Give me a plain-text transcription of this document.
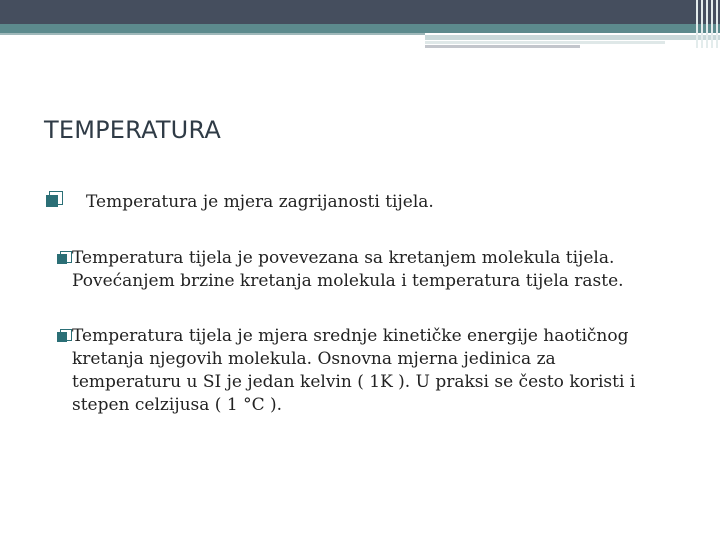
TEMPERATURA
Temperatura je mjera zagrijanosti tijela.
Temperatura tijela je povevezana sa kretanjem molekula tijela. Povećanjem brzine kretanja molekula i temperatura tijela raste.
Temperatura tijela je mjera srednje kinetičke energije haotičnog kretanja njegovih molekula. Osnovna mjerna jedinica za temperaturu u SI je jedan kelvin ( 1K ). U praksi se često koristi i stepen celzijusa ( 1 °C ).
